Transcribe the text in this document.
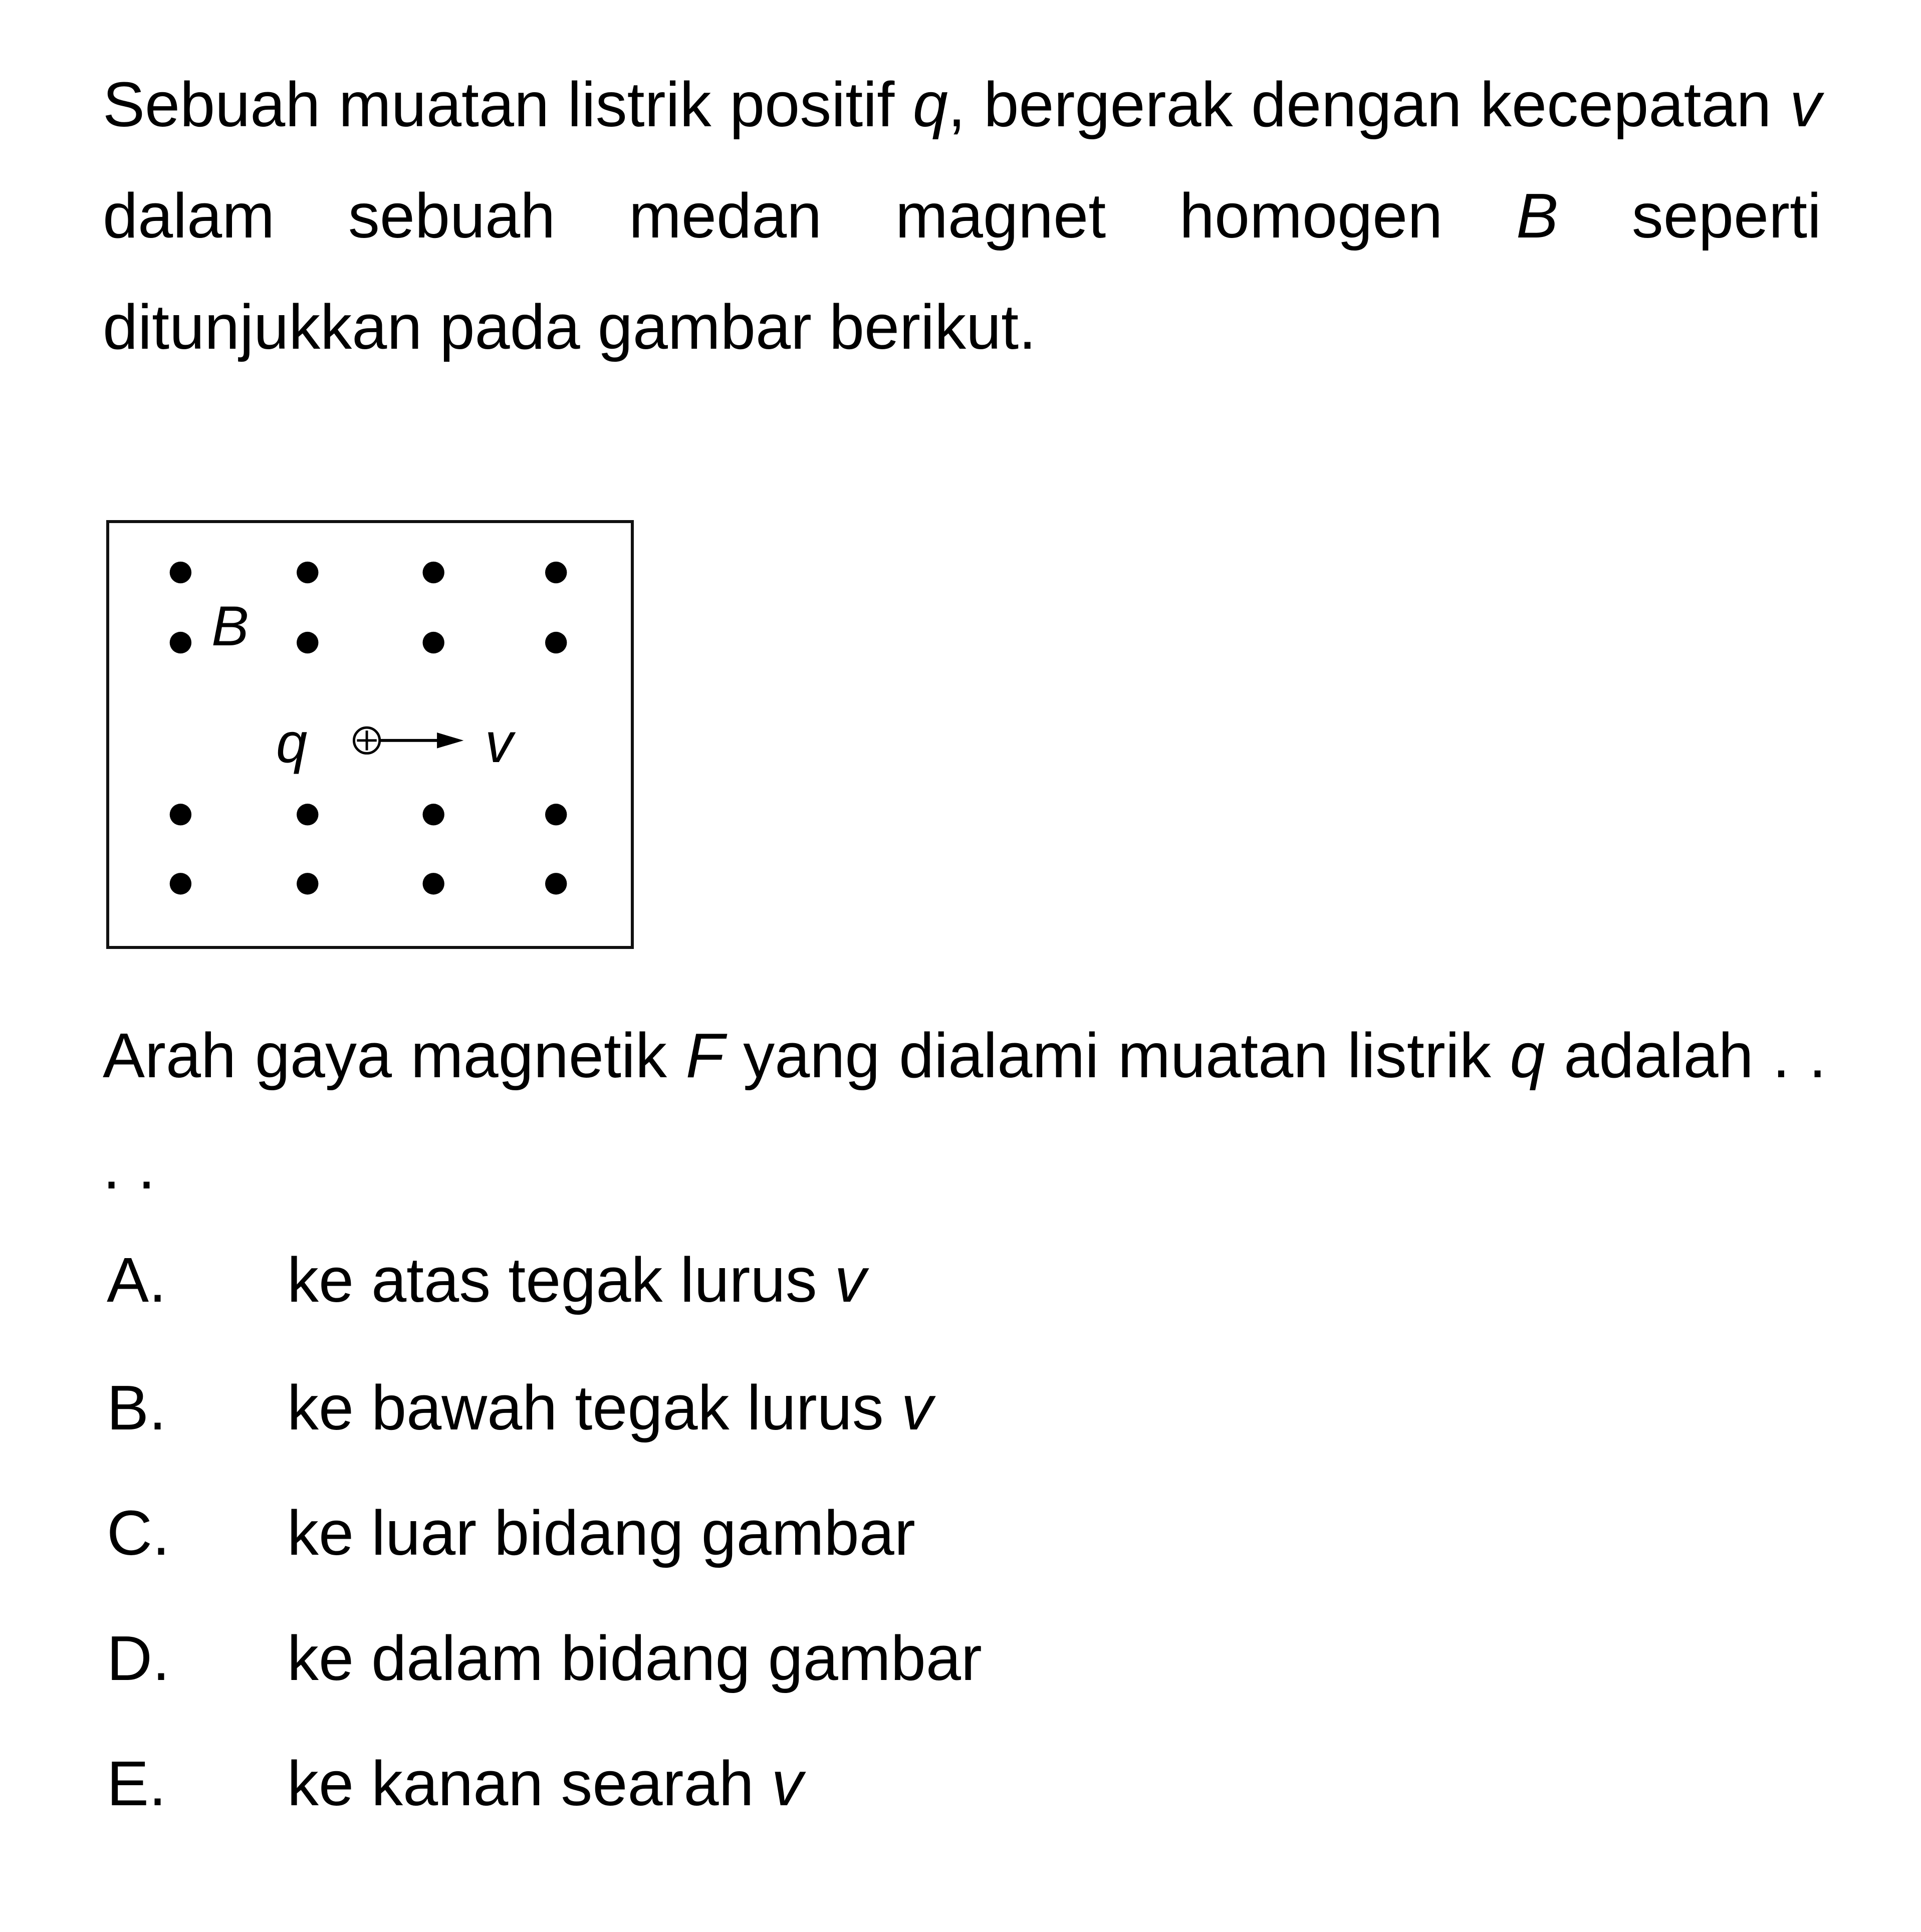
Sebuah muatan listrik positif q, bergerak dengan kecepatan v dalam sebuah medan magnet homogen B seperti ditunjukkan pada gambar berikut.

B
q	v

Arah gaya magnetik F yang dialami muatan listrik q adalah . . . .

A. ke atas tegak lurus v
B. ke bawah tegak lurus v
C. ke luar bidang gambar
D. ke dalam bidang gambar
E. ke kanan searah v
